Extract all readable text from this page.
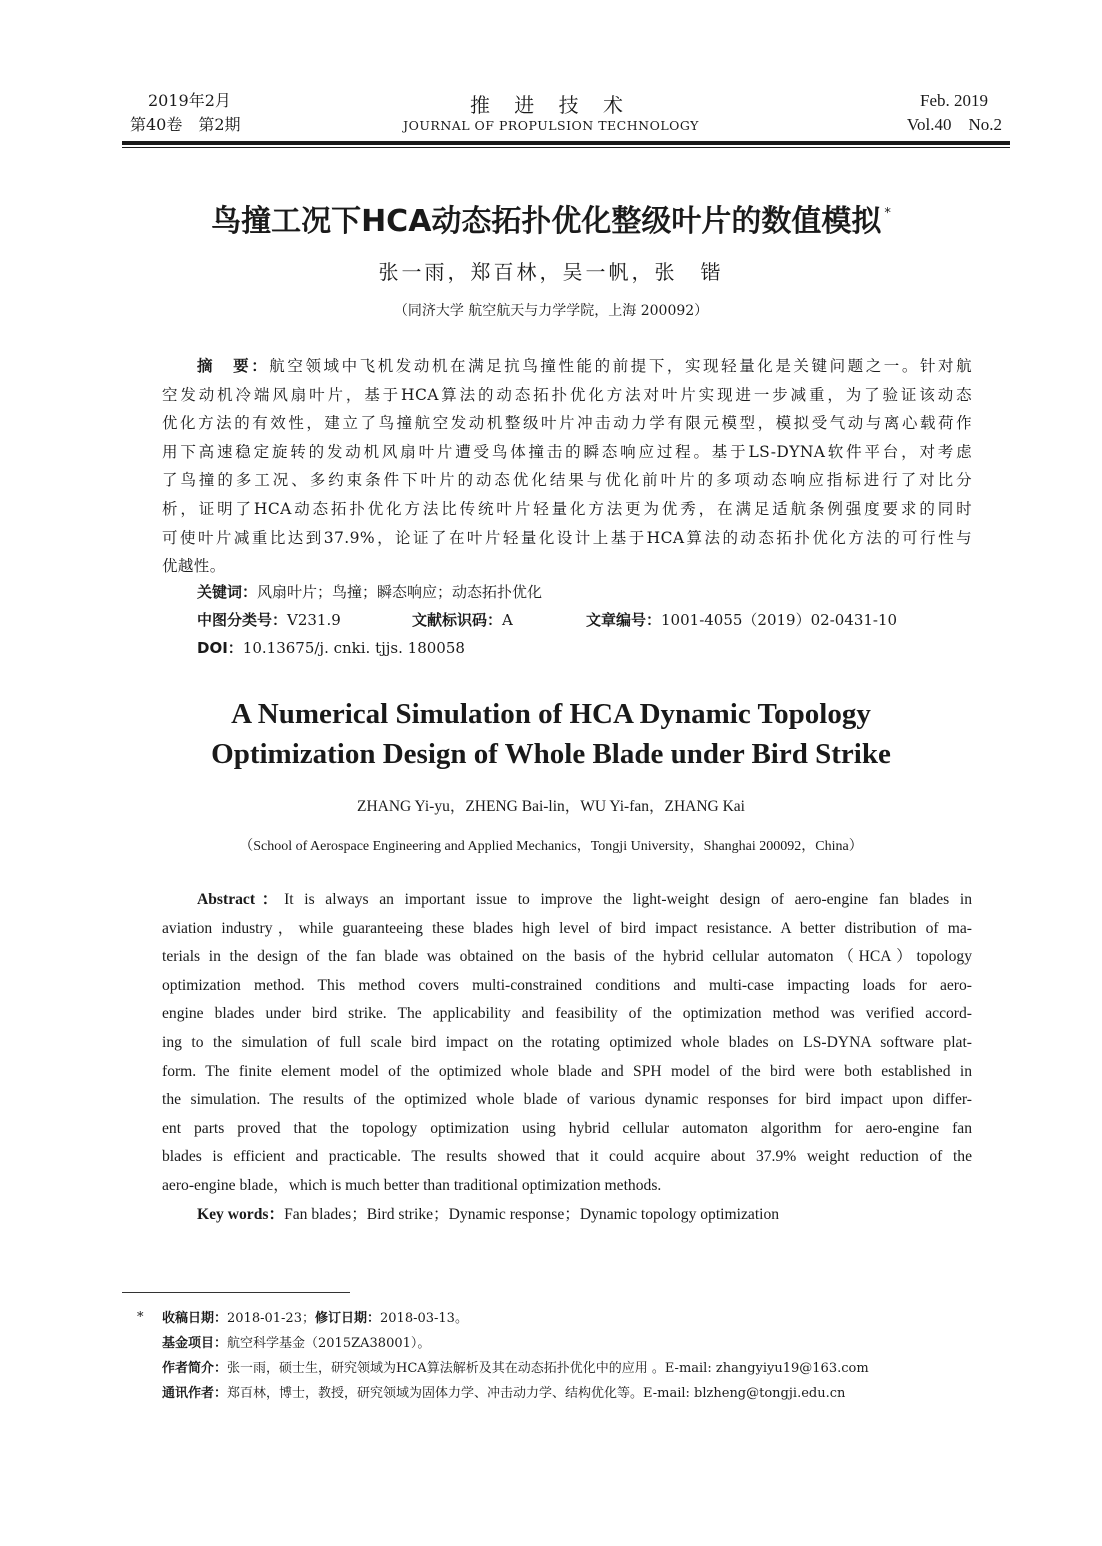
2019年2月
第40卷　第2期
推 进 技 术
JOURNAL OF PROPULSION TECHNOLOGY
Feb. 2019
Vol.40　No.2
鸟撞工况下HCA动态拓扑优化整级叶片的数值模拟 *
张一雨，郑百林，吴一帆，张　锴
（同济大学 航空航天与力学学院，上海 200092）
摘　要：航空领域中飞机发动机在满足抗鸟撞性能的前提下，实现轻量化是关键问题之一。针对航
空发动机冷端风扇叶片，基于HCA算法的动态拓扑优化方法对叶片实现进一步减重，为了验证该动态
优化方法的有效性，建立了鸟撞航空发动机整级叶片冲击动力学有限元模型，模拟受气动与离心载荷作
用下高速稳定旋转的发动机风扇叶片遭受鸟体撞击的瞬态响应过程。基于LS-DYNA软件平台，对考虑
了鸟撞的多工况、多约束条件下叶片的动态优化结果与优化前叶片的多项动态响应指标进行了对比分
析，证明了HCA动态拓扑优化方法比传统叶片轻量化方法更为优秀，在满足适航条例强度要求的同时
可使叶片减重比达到37.9%，论证了在叶片轻量化设计上基于HCA算法的动态拓扑优化方法的可行性与
优越性。
关键词：风扇叶片；鸟撞；瞬态响应；动态拓扑优化
中图分类号：V231.9	文献标识码：A	文章编号：1001-4055（2019）02-0431-10
DOI：10.13675/j. cnki. tjjs. 180058
A Numerical Simulation of HCA Dynamic Topology
Optimization Design of Whole Blade under Bird Strike
ZHANG Yi-yu，ZHENG Bai-lin，WU Yi-fan，ZHANG Kai
（School of Aerospace Engineering and Applied Mechanics，Tongji University，Shanghai 200092，China）
Abstract：It is always an important issue to improve the light-weight design of aero-engine fan blades in
aviation industry，while guaranteeing these blades high level of bird impact resistance. A better distribution of ma-
terials in the design of the fan blade was obtained on the basis of the hybrid cellular automaton（HCA）topology
optimization method. This method covers multi-constrained conditions and multi-case impacting loads for aero-
engine blades under bird strike. The applicability and feasibility of the optimization method was verified accord-
ing to the simulation of full scale bird impact on the rotating optimized whole blades on LS-DYNA software plat-
form. The finite element model of the optimized whole blade and SPH model of the bird were both established in
the simulation. The results of the optimized whole blade of various dynamic responses for bird impact upon differ-
ent parts proved that the topology optimization using hybrid cellular automaton algorithm for aero-engine fan
blades is efficient and practicable. The results showed that it could acquire about 37.9% weight reduction of the
aero-engine blade，which is much better than traditional optimization methods.
Key words：Fan blades；Bird strike；Dynamic response；Dynamic topology optimization
* 收稿日期：2018-01-23；修订日期：2018-03-13。
基金项目：航空科学基金（2015ZA38001）。
作者简介：张一雨，硕士生，研究领域为HCA算法解析及其在动态拓扑优化中的应用 。E-mail: zhangyiyu19@163.com
通讯作者：郑百林，博士，教授，研究领域为固体力学、冲击动力学、结构优化等。E-mail: blzheng@tongji.edu.cn
